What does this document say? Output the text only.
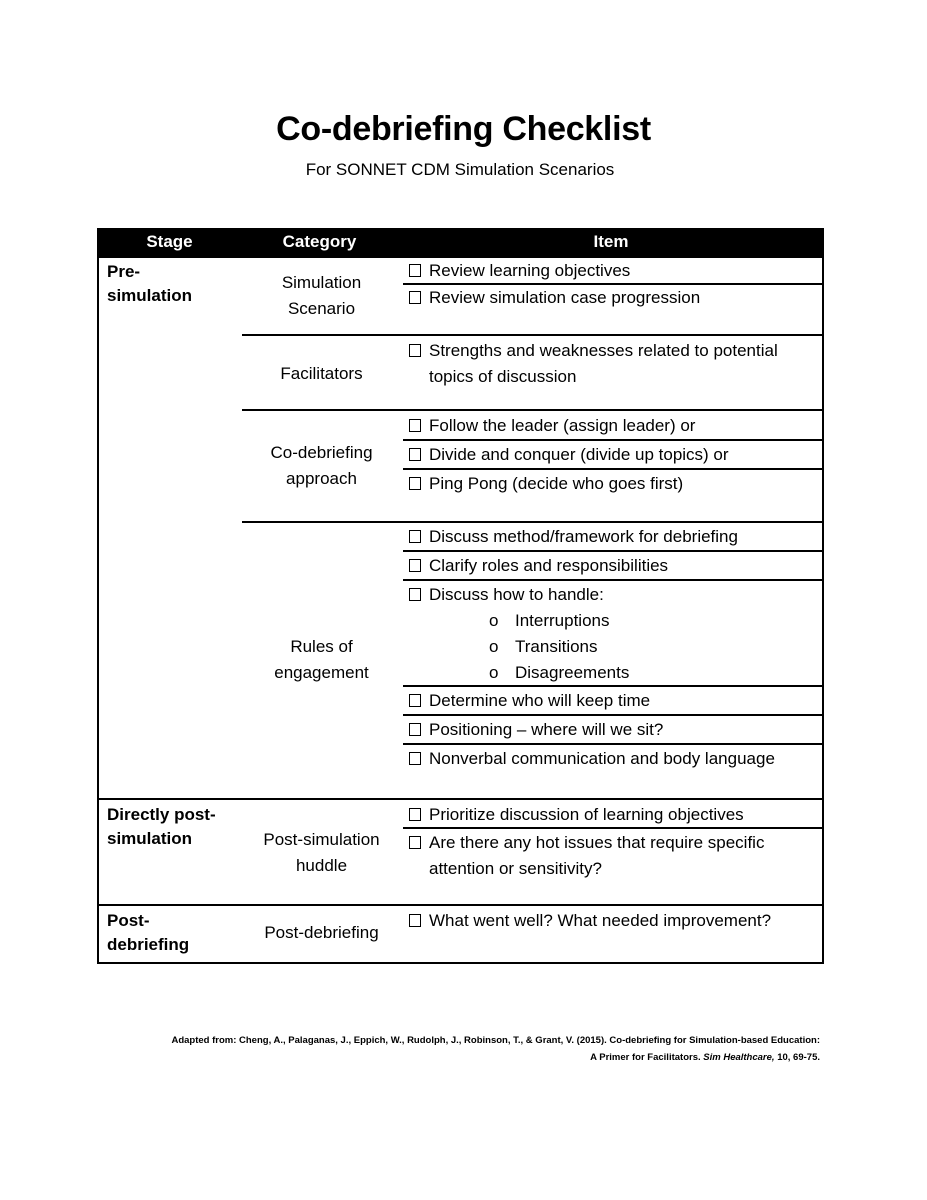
Co-debriefing Checklist
For SONNET CDM Simulation Scenarios
Stage	Category	Item
Pre-
simulation
Directly post-
simulation
Post-
debriefing
Simulation
Scenario
Facilitators
Co-debriefing
approach
Rules of
engagement
Post-simulation
huddle
Post-debriefing
Review learning objectives
Review simulation case progression
Strengths and weaknesses related to potential topics of discussion
Follow the leader (assign leader) or
Divide and conquer (divide up topics) or
Ping Pong (decide who goes first)
Discuss method/framework for debriefing
Clarify roles and responsibilities
Discuss how to handle:
o Interruptions
o Transitions
o Disagreements
Determine who will keep time
Positioning – where will we sit?
Nonverbal communication and body language
Prioritize discussion of learning objectives
Are there any hot issues that require specific attention or sensitivity?
What went well? What needed improvement?
Adapted from: Cheng, A., Palaganas, J., Eppich, W., Rudolph, J., Robinson, T., & Grant, V. (2015). Co-debriefing for Simulation-based Education:
A Primer for Facilitators. Sim Healthcare, 10, 69-75.
